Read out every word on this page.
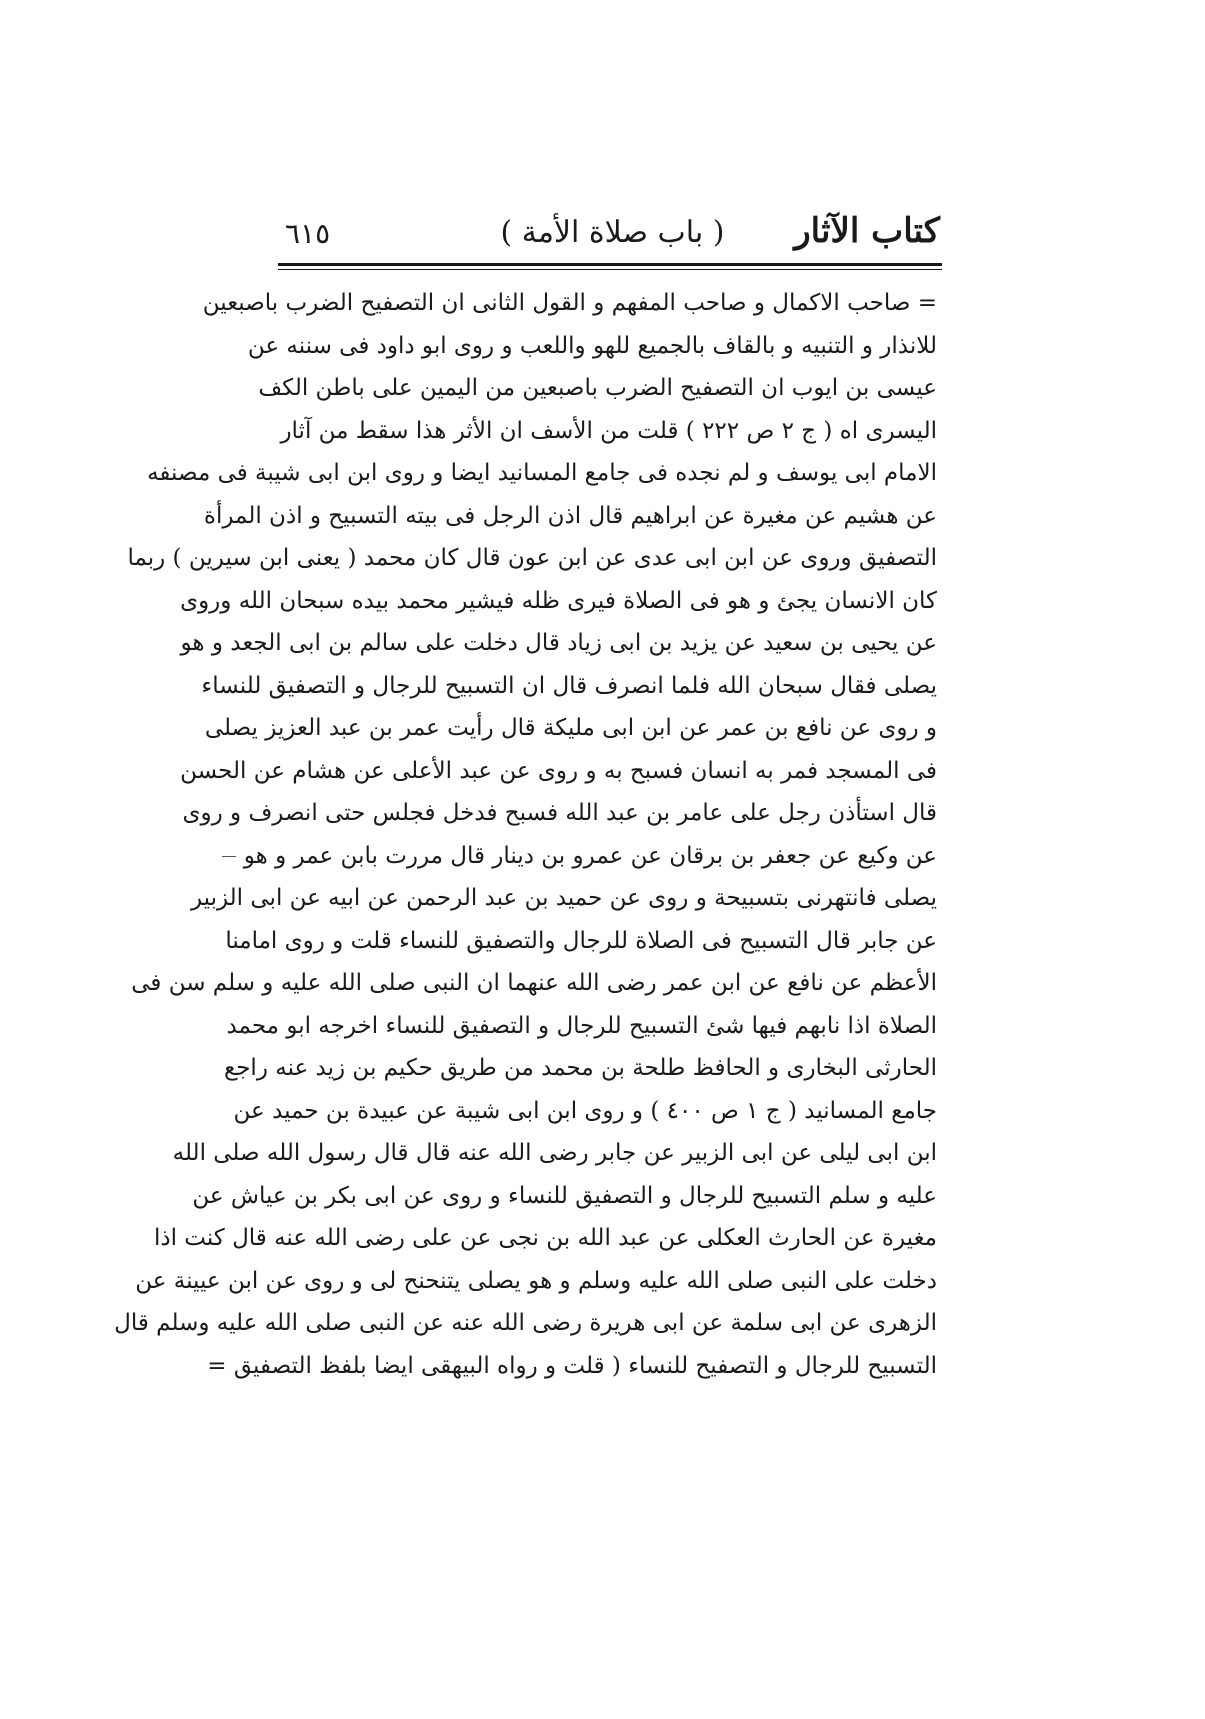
كتاب الآثار
( باب صلاة الأمة )
٦١٥
= صاحب الاكمال و صاحب المفهم و القول الثانى ان التصفيح الضرب باصبعين
للانذار و التنبيه و بالقاف بالجميع للهو واللعب و روى ابو داود فى سننه عن
عيسى بن ايوب ان التصفيح الضرب باصبعين من اليمين على باطن الكف
اليسرى اه ( ج ٢ ص ٢٢٢ ) قلت من الأسف ان الأثر هذا سقط من آثار
الامام ابى يوسف و لم نجده فى جامع المسانيد ايضا و روى ابن ابى شيبة فى مصنفه
عن هشيم عن مغيرة عن ابراهيم قال اذن الرجل فى بيته التسبيح و اذن المرأة
التصفيق وروى عن ابن ابى عدى عن ابن عون قال كان محمد ( يعنى ابن سيرين ) ربما
كان الانسان يجئ و هو فى الصلاة فيرى ظله فيشير محمد بيده سبحان الله وروى
عن يحيى بن سعيد عن يزيد بن ابى زياد قال دخلت على سالم بن ابى الجعد و هو
يصلى فقال سبحان الله فلما انصرف قال ان التسبيح للرجال و التصفيق للنساء
و روى عن نافع بن عمر عن ابن ابى مليكة قال رأيت عمر بن عبد العزيز يصلى
فى المسجد فمر به انسان فسبح به و روى عن عبد الأعلى عن هشام عن الحسن
قال استأذن رجل على عامر بن عبد الله فسبح فدخل فجلس حتى انصرف و روى
عن وكيع عن جعفر بن برقان عن عمرو بن دينار قال مررت بابن عمر و هو
يصلى فانتهرنى بتسبيحة و روى عن حميد بن عبد الرحمن عن ابيه عن ابى الزبير
عن جابر قال التسبيح فى الصلاة للرجال والتصفيق للنساء قلت و روى امامنا
الأعظم عن نافع عن ابن عمر رضى الله عنهما ان النبى صلى الله عليه و سلم سن فى
الصلاة اذا نابهم فيها شئ التسبيح للرجال و التصفيق للنساء اخرجه ابو محمد
الحارثى البخارى و الحافظ طلحة بن محمد من طريق حكيم بن زيد عنه راجع
جامع المسانيد ( ج ١ ص ٤٠٠ ) و روى ابن ابى شيبة عن عبيدة بن حميد عن
ابن ابى ليلى عن ابى الزبير عن جابر رضى الله عنه قال قال رسول الله صلى الله
عليه و سلم التسبيح للرجال و التصفيق للنساء و روى عن ابى بكر بن عياش عن
مغيرة عن الحارث العكلى عن عبد الله بن نجى عن على رضى الله عنه قال كنت اذا
دخلت على النبى صلى الله عليه وسلم و هو يصلى يتنحنح لى و روى عن ابن عيينة عن
الزهرى عن ابى سلمة عن ابى هريرة رضى الله عنه عن النبى صلى الله عليه وسلم قال
التسبيح للرجال و التصفيح للنساء ( قلت و رواه البيهقى ايضا بلفظ التصفيق =
